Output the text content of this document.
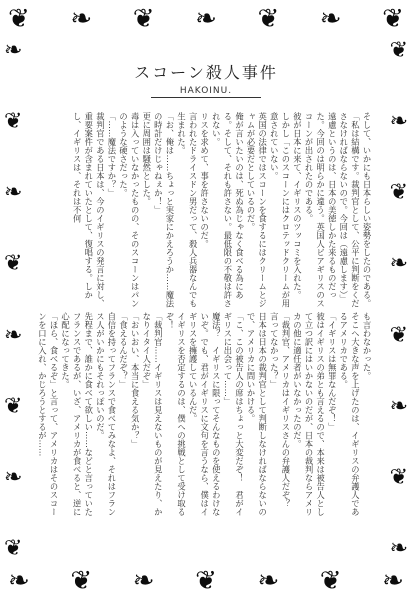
❦ ❧ ❦ ❧ ❦ ❧ ❦
❧
❦
❧
❦
❧
❦
❧
❦
❦
❧
❦
❧
❦
❧
❦
❧
❧ ❦ ❧ ❦ ❧ ❦ ❧
スコーン殺人事件
HAKOINU.

そして、いかにも日本らしい姿勢をしたのである。

「私は結構です。裁判官として、公平に判断をくださなければならないので。今回は（遠慮します）」

遠慮というのは、日本の美徳しかた来るものだった。今回のは明らかに違う。英国人ビアギリスのスコーンが出されたのである。

彼が日本に来て、イギリスのツッコミを入れた。

しかし「このスコーンにはクロテッドクリームが用意されていない。

英国の法律ではスコーンを食するにはクリームとジャムが必要だとしているのだ。

俺が言いたいのは、死ぬ為じゃなく食べる為にある。そして、それも許さない。最低限の不敬は許されない。

リスを求めて、事を許さないのだ。

言われたドライスドン男だって、殺人兵器なんでも生まれた。

「お、俺は……ちょっと実家にかえろうか……魔法の時計だけじゃねぇか！」

更に周囲は騒然とした。

毒は入っていなかったものの、そのスコーンはパンのような硬さだった。

「……魔法ですか？」

裁判官である日本は、今のイギリスの発言に対し、重要案件が含まれていたとして、復唱する。しかし、イギリスは、それは不何

も言わなかった。

そこへ大きな声を上げたのは、イギリスの弁護人であるアメリカである。

「イギリスは無罪なんだぞ！」

彼はイギリスの弟とも言えるので、本来は被告人として立つ訳にはいかないのだが、日本の裁判ならアメリカの他に適任者がいなかったのだ。

「裁判官、アメリカはイギリスさんの弁護人だぞ？　言ってなかった？」

日本は日本の裁判官として判断しなければならないので、アメリカに問いかける。

「こ、この被告人の席はちょっと大変だぞ！　君がイギリスに出会って……」

魔法？　イギリスに限ってそんなものを使えるわけないぞ。でも、君がイギリスに文句を言うなら、僕はイギリスを擁護しているんだ。

イギリスを否定するのは、僕への挑戦として受け取るぞ！

「裁判官……イギリスは見えないものが見えたり、かなりイタイ人だぞ」

「おいおい、本当に食える気か？」

「食えるんだぞ？」

自信を持ってフランスで食べてみなよ、それはフランス人がいかにもそれっぽいのだ。

先程まで、誰かに食べて欲しい……などと言っていたフランスであるが、いざ、アメリカが食べると、逆に心配になってきた。

「ほら、食べるぞ」と言って、アメリカはそのスコーンを口に入れ、かじろうとするが……
